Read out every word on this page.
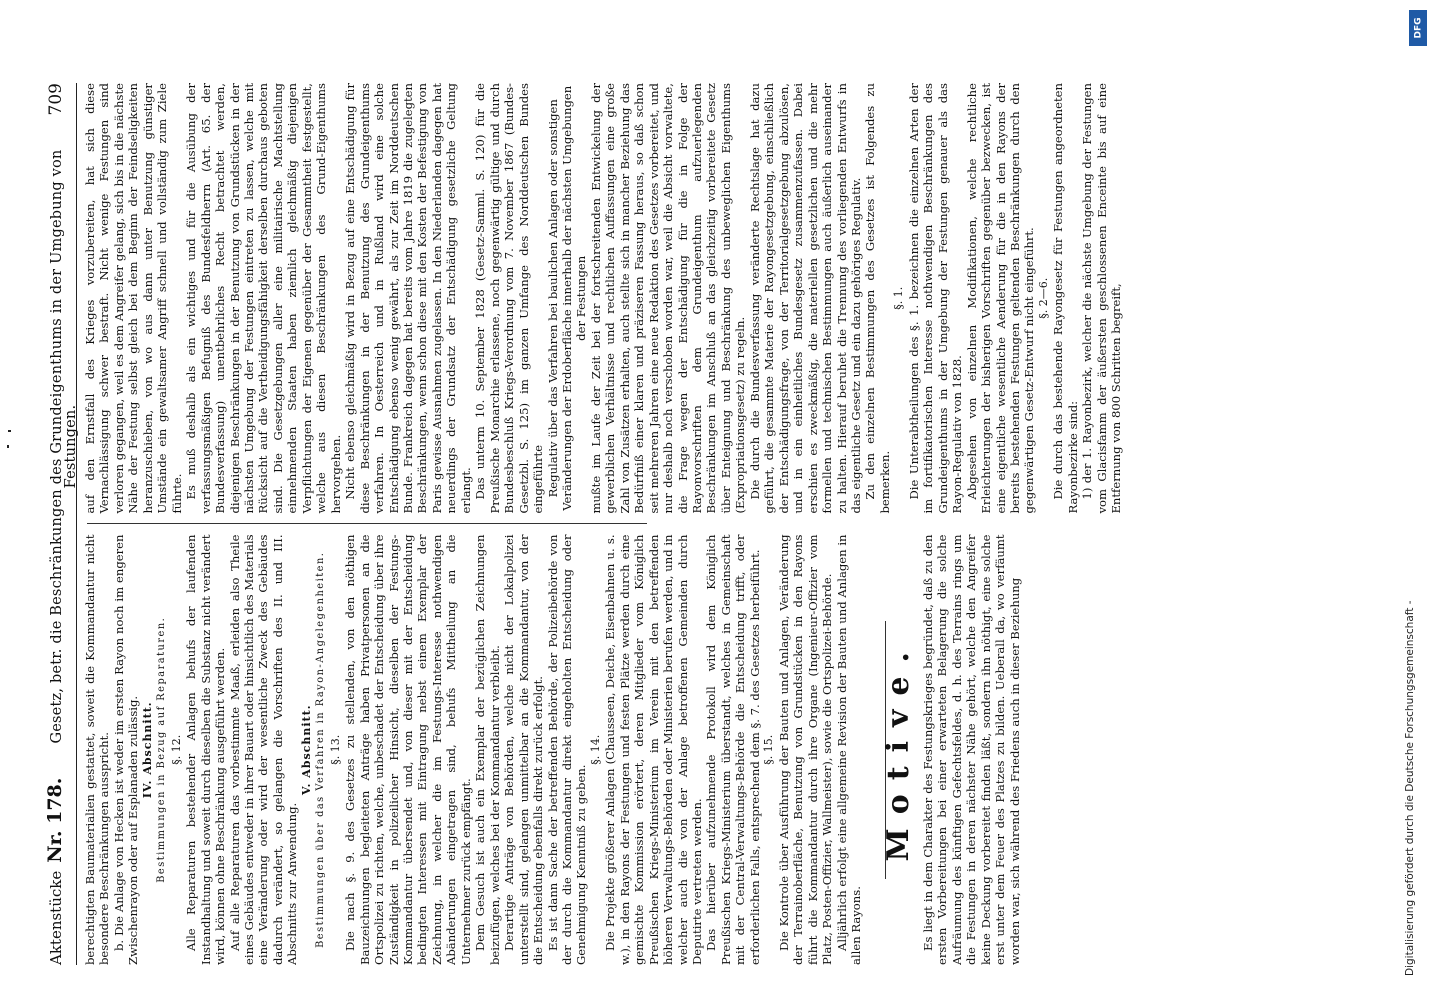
Aktenstücke
Nr. 178.
Gesetz, betr. die Beschränkungen des Grundeigenthums in der Umgebung von Festungen.
709

berechtigten Baumaterialien gestattet, soweit die Kommandantur nicht besondere Beschränkungen ausspricht. b. Die Anlage von Hecken ist weder im ersten Rayon noch im engeren Zwischenrayon oder auf Esplanaden zulässig. IV. Abschnitt. Bestimmungen in Bezug auf Reparaturen. §. 12. Alle Reparaturen bestehender Anlagen behufs der laufenden Instandhaltung und soweit durch dieselben die Substanz nicht verändert wird, können ohne Beschränkung ausgeführt werden. Auf alle Reparaturen das vorbestimmte Maaß, erleiden also Theile eines Gebäudes entweder in ihrer Bauart oder hinsichtlich des Materials eine Veränderung oder wird der wesentliche Zweck des Gebäudes dadurch verändert, so gelangen die Vorschriften des II. und III. Abschnitts zur Anwendung.

V. Abschnitt. Bestimmungen über das Verfahren in Rayon-Angelegenheiten. §. 13. Die nach §. 9. des Gesetzes zu stellenden, von den nöthigen Bauzeichnungen begleiteten Anträge haben Privatpersonen an die Ortspolizei zu richten, welche, unbeschadet der Entscheidung über ihre Zuständigkeit in polizeilicher Hinsicht, dieselben der Festungs-Kommandantur übersendet und, von dieser mit der Entscheidung bedingten Interessen mit Eintragung nebst einem Exemplar der Zeichnung, in welcher die im Festungs-Interesse nothwendigen Abänderungen eingetragen sind, behufs Mittheilung an die Unternehmer zurück empfängt. Dem Gesuch ist auch ein Exemplar der bezüglichen Zeichnungen beizufügen, welches bei der Kommandantur verbleibt. Derartige Anträge von Behörden, welche nicht der Lokalpolizei unterstellt sind, gelangen unmittelbar an die Kommandantur, von der die Entscheidung ebenfalls direkt zurück erfolgt. Es ist dann Sache der betreffenden Behörde, der Polizeibehörde von der durch die Kommandantur direkt eingeholten Entscheidung oder Genehmigung Kenntniß zu geben.

§. 14. Die Projekte größerer Anlagen (Chausseen, Deiche, Eisenbahnen u. s. w.), in den Rayons der Festungen und festen Plätze werden durch eine gemischte Kommission erörtert, deren Mitglieder vom Königlich Preußischen Kriegs-Ministerium im Verein mit den betreffenden höheren Verwaltungs-Behörden oder Ministerien berufen werden, und in welcher auch die von der Anlage betroffenen Gemeinden durch Deputirte vertreten werden. Das hierüber aufzunehmende Protokoll wird dem Königlich Preußischen Kriegs-Ministerium überstandt, welches in Gemeinschaft mit der Central-Verwaltungs-Behörde die Entscheidung trifft, oder erforderlichen Falls, entsprechend dem §. 7. des Gesetzes herbeiführt. §. 15. Die Kontrole über Ausführung der Bauten und Anlagen, Veränderung der Terrainoberfläche, Benutzung von Grundstücken in den Rayons führt die Kommandantur durch ihre Organe (Ingenieur-Offizier vom Platz, Posten-Offizier, Wallmeister), sowie die Ortspolizei-Behörde. Alljährlich erfolgt eine allgemeine Revision der Bauten und Anlagen in allen Rayons.

Motive. Es liegt in dem Charakter des Festungskrieges begründet, daß zu den ersten Vorbereitungen bei einer erwarteten Belagerung die solche Aufräumung des künftigen Gefechtsfeldes, d. h. des Terrains rings um die Festungen in deren nächster Nähe gehört, welche den Angreifer keine Deckung vorbereitet finden läßt, sondern ihn nöthigt, eine solche erst unter dem Feuer des Platzes zu bilden. Ueberall da, wo verfäumt worden war, sich während des Friedens auch in dieser Beziehung

auf den Ernstfall des Krieges vorzubereiten, hat sich diese Vernachlässigung schwer bestraft. Nicht wenige Festungen sind verloren gegangen, weil es dem Angreifer gelang, sich bis in die nächste Nähe der Festung selbst gleich bei dem Beginn der Feindseligkeiten heranzuschieben, von wo aus dann unter Benutzung günstiger Umstände ein gewaltsamer Angriff schnell und vollständig zum Ziele führte. Es muß deshalb als ein wichtiges und für die Ausübung der verfassungsmäßigen Befugniß des Bundesfeldherrn (Art. 65. der Bundesverfassung) unentbehrliches Recht betrachtet werden, diejenigen Beschränkungen in der Benutzung von Grundstücken in der nächsten Umgebung der Festungen eintreten zu lassen, welche mit Rücksicht auf die Vertheidigungsfähigkeit derselben durchaus geboten sind. Die Gesetzgebungen aller eine militairische Machtstellung einnehmenden Staaten haben ziemlich gleichmäßig diejenigen Verpflichtungen der Eigenen gegenüber der Gesammtheit festgestellt, welche aus diesen Beschränkungen des Grund-Eigenthums hervorgehen. Nicht ebenso gleichmäßig wird in Bezug auf eine Entschädigung für diese Beschränkungen in der Benutzung des Grundeigenthums verfahren. In Oesterreich und in Rußland wird eine solche Entschädigung ebenso wenig gewährt, als zur Zeit im Norddeutschen Bunde. Frankreich dagegen hat bereits vom Jahre 1819 die zugelegten Beschränkungen, wenn schon diese mit den Kosten der Befestigung von Paris gewisse Ausnahmen zugelassen. In den Niederlanden dagegen hat neuerdings der Grundsatz der Entschädigung gesetzliche Geltung erlangt. Das unterm 10. September 1828 (Gesetz-Samml. S. 120) für die Preußische Monarchie erlassene, noch gegenwärtig gültige und durch Bundesbeschluß Kriegs-Verordnung vom 7. November 1867 (Bundes-Gesetzbl. S. 125) im ganzen Umfange des Norddeutschen Bundes eingeführte Regulativ über das Verfahren bei baulichen Anlagen oder sonstigen Veränderungen der Erdoberfläche innerhalb der nächsten Umgebungen der Festungen mußte im Laufe der Zeit bei der fortschreitenden Entwickelung der gewerblichen Verhältnisse und rechtlichen Auffassungen eine große Zahl von Zusätzen erhalten, auch stellte sich in mancher Beziehung das Bedürfniß einer klaren und präziseren Fassung heraus, so daß schon seit mehreren Jahren eine neue Redaktion des Gesetzes vorbereitet, und nur deshalb noch verschoben worden war, weil die Absicht vorwaltete, die Frage wegen der Entschädigung für die in Folge der Rayonvorschriften dem Grundeigenthum aufzuerlegenden Beschränkungen im Anschluß an das gleichzeitig vorbereitete Gesetz über Enteignung und Beschränkung des unbeweglichen Eigenthums (Expropriationsgesetz) zu regeln. Die durch die Bundesverfassung veränderte Rechtslage hat dazu geführt, die gesammte Materie der Rayongesetzgebung, einschließlich der Entschädigungsfrage, von der Territorialgesetzgebung abzulösen, und in ein einheitliches Bundesgesetz zusammenzufassen. Dabei erschien es zweckmäßig, die materiellen gesetzlichen und die mehr formellen und technischen Bestimmungen auch äußerlich auseinander zu halten. Hierauf beruhet die Trennung des vorliegenden Entwurfs in das eigentliche Gesetz und ein dazu gehöriges Regulativ. Zu den einzelnen Bestimmungen des Gesetzes ist Folgendes zu bemerken.

§. 1. Die Unterabtheilungen des §. 1. bezeichnen die einzelnen Arten der im fortifikatorischen Interesse nothwendigen Beschränkungen des Grundeigenthums in der Umgebung der Festungen genauer als das Rayon-Regulativ von 1828. Abgesehen von einzelnen Modifikationen, welche rechtliche Erleichterungen der bisherigen Vorschriften gegenüber bezwecken, ist eine eigentliche wesentliche Aenderung für die in den Rayons der bereits bestehenden Festungen geltenden Beschränkungen durch den gegenwärtigen Gesetz-Entwurf nicht eingeführt. §. 2—6. Die durch das bestehende Rayongesetz für Festungen angeordneten Rayonbezirke sind: 1) der 1. Rayonbezirk, welcher die nächste Umgebung der Festungen vom Glacisfamm der äußersten geschlossenen Enceinte bis auf eine Entfernung von 800 Schritten begreift,

DFG
Digitalisierung gefördert durch die Deutsche Forschungsgemeinschaft -
